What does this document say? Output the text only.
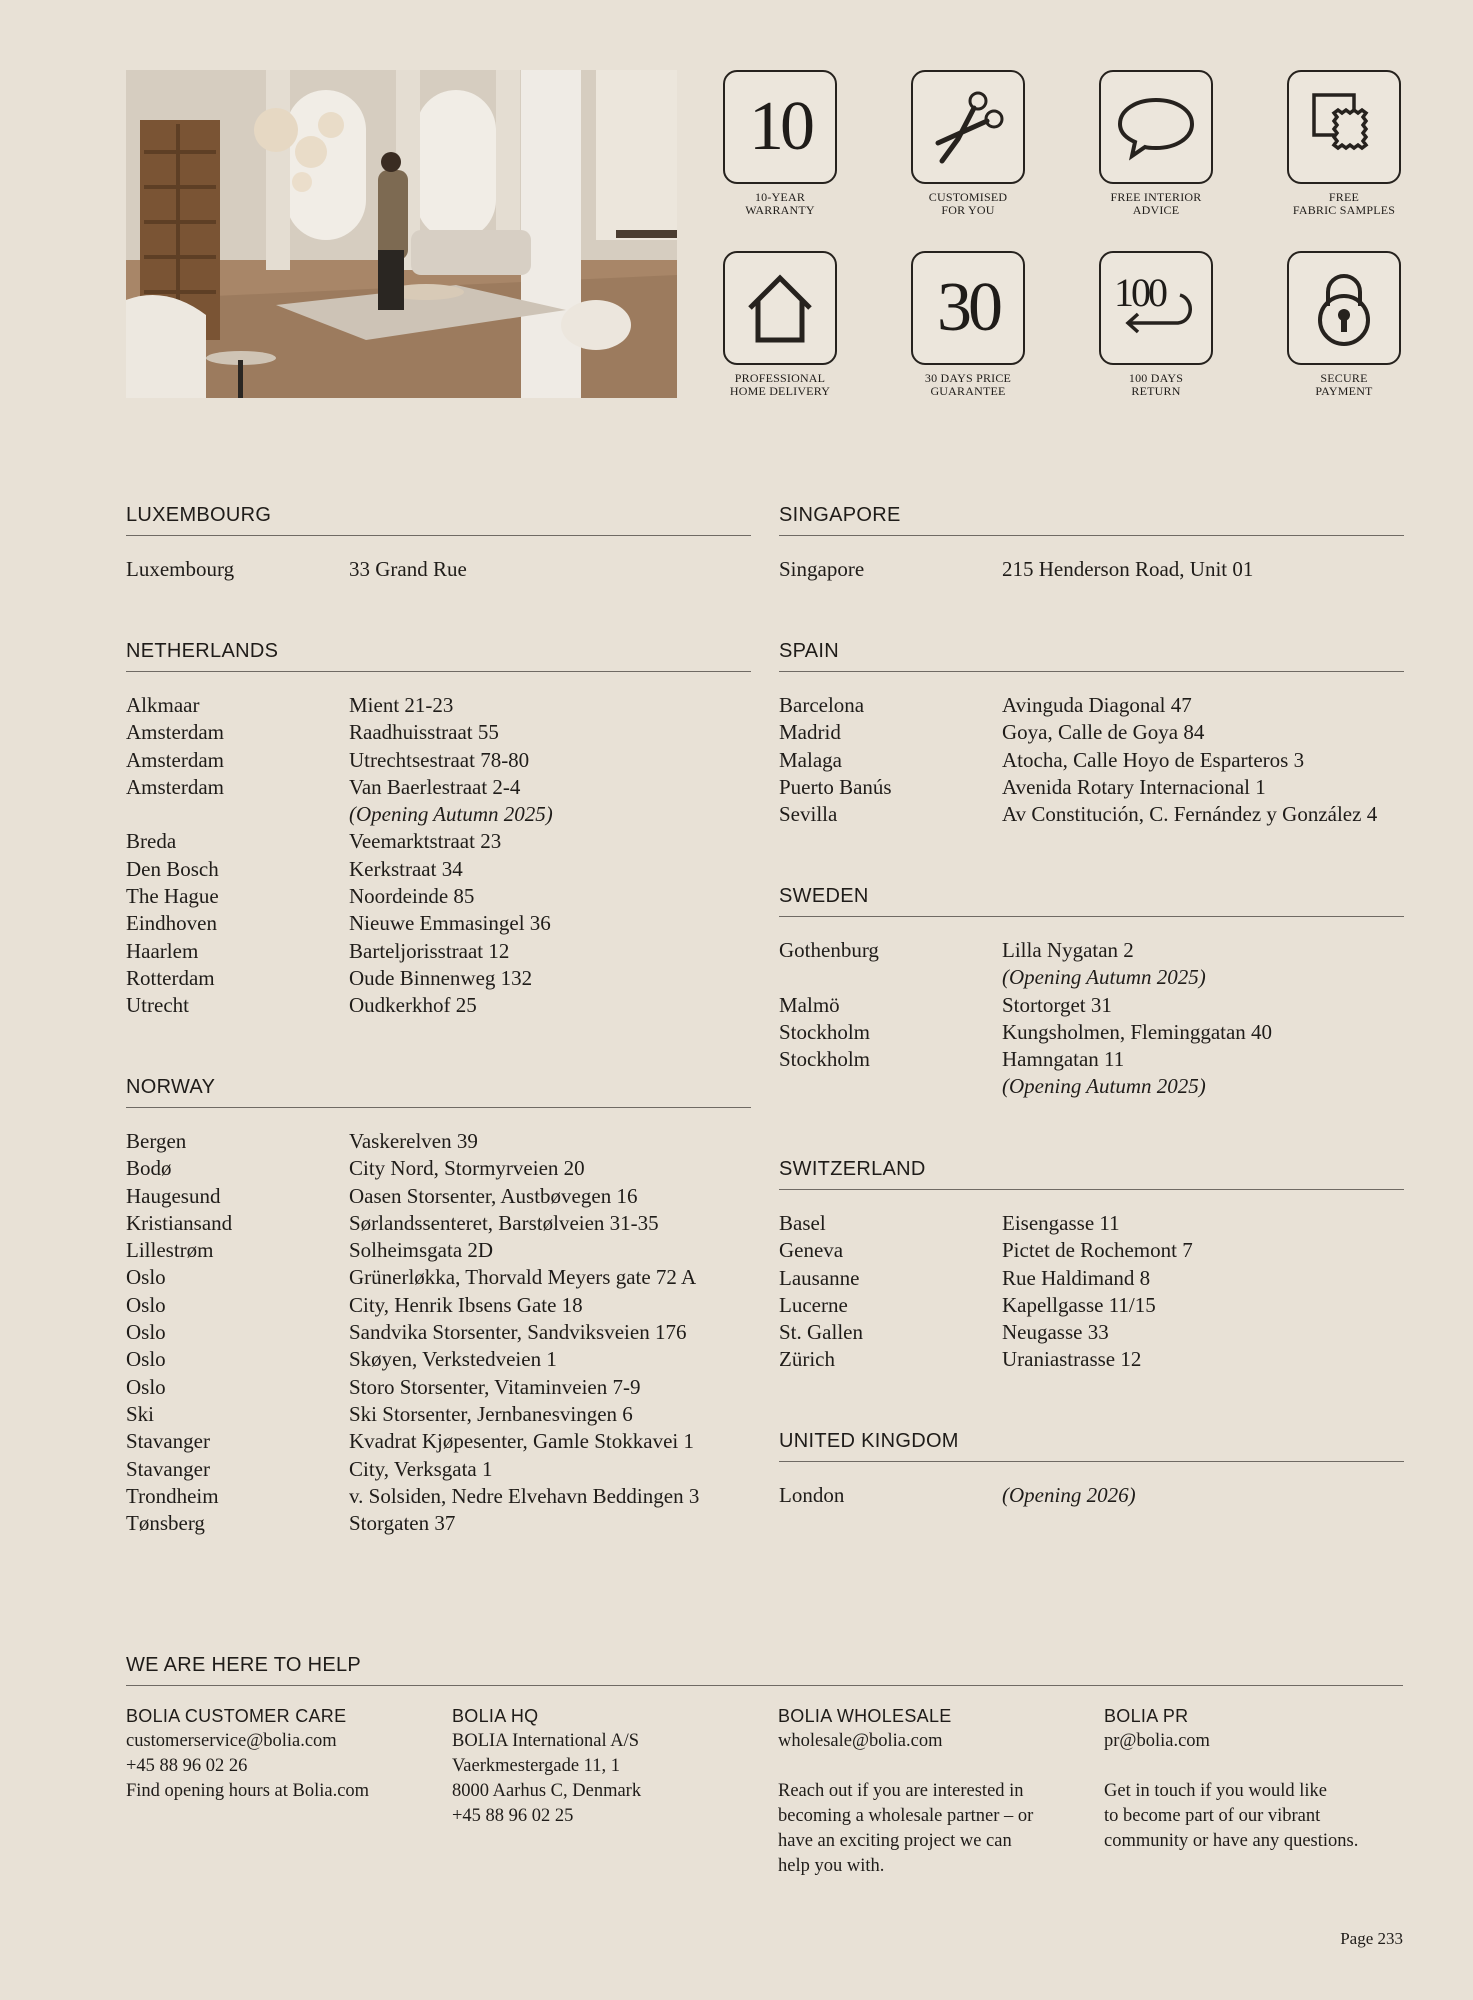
10
10-YEAR
WARRANTY
CUSTOMISED
FOR YOU
FREE INTERIOR
ADVICE
FREE
FABRIC SAMPLES
PROFESSIONAL
HOME DELIVERY
30
30 DAYS PRICE
GUARANTEE
100
100 DAYS
RETURN
SECURE
PAYMENT
LUXEMBOURG
Luxembourg	33 Grand Rue
NETHERLANDS
Alkmaar	Mient 21-23
Amsterdam	Raadhuisstraat 55
Amsterdam	Utrechtsestraat 78-80
Amsterdam	Van Baerlestraat 2-4
(Opening Autumn 2025)
Breda	Veemarktstraat 23
Den Bosch	Kerkstraat 34
The Hague	Noordeinde 85
Eindhoven	Nieuwe Emmasingel 36
Haarlem	Barteljorisstraat 12
Rotterdam	Oude Binnenweg 132
Utrecht	Oudkerkhof 25
NORWAY
Bergen	Vaskerelven 39
Bodø	City Nord, Stormyrveien 20
Haugesund	Oasen Storsenter, Austbøvegen 16
Kristiansand	Sørlandssenteret, Barstølveien 31-35
Lillestrøm	Solheimsgata 2D
Oslo	Grünerløkka, Thorvald Meyers gate 72 A
Oslo	City, Henrik Ibsens Gate 18
Oslo	Sandvika Storsenter, Sandviksveien 176
Oslo	Skøyen, Verkstedveien 1
Oslo	Storo Storsenter, Vitaminveien 7-9
Ski	Ski Storsenter, Jernbanesvingen 6
Stavanger	Kvadrat Kjøpesenter, Gamle Stokkavei 1
Stavanger	City, Verksgata 1
Trondheim	v. Solsiden, Nedre Elvehavn Beddingen 3
Tønsberg	Storgaten 37
SINGAPORE
Singapore	215 Henderson Road, Unit 01
SPAIN
Barcelona	Avinguda Diagonal 47
Madrid	Goya, Calle de Goya 84
Malaga	Atocha, Calle Hoyo de Esparteros 3
Puerto Banús	Avenida Rotary Internacional 1
Sevilla	Av Constitución, C. Fernández y González 4
SWEDEN
Gothenburg	Lilla Nygatan 2
(Opening Autumn 2025)
Malmö	Stortorget 31
Stockholm	Kungsholmen, Fleminggatan 40
Stockholm	Hamngatan 11
(Opening Autumn 2025)
SWITZERLAND
Basel	Eisengasse 11
Geneva	Pictet de Rochemont 7
Lausanne	Rue Haldimand 8
Lucerne	Kapellgasse 11/15
St. Gallen	Neugasse 33
Zürich	Uraniastrasse 12
UNITED KINGDOM
London	(Opening 2026)
WE ARE HERE TO HELP
BOLIA CUSTOMER CARE
customerservice@bolia.com
+45 88 96 02 26
Find opening hours at Bolia.com
BOLIA HQ
BOLIA International A/S
Vaerkmestergade 11, 1
8000 Aarhus C, Denmark
+45 88 96 02 25
BOLIA WHOLESALE
wholesale@bolia.com
Reach out if you are interested in
becoming a wholesale partner – or
have an exciting project we can
help you with.
BOLIA PR
pr@bolia.com
Get in touch if you would like
to become part of our vibrant
community or have any questions.
Page 233
